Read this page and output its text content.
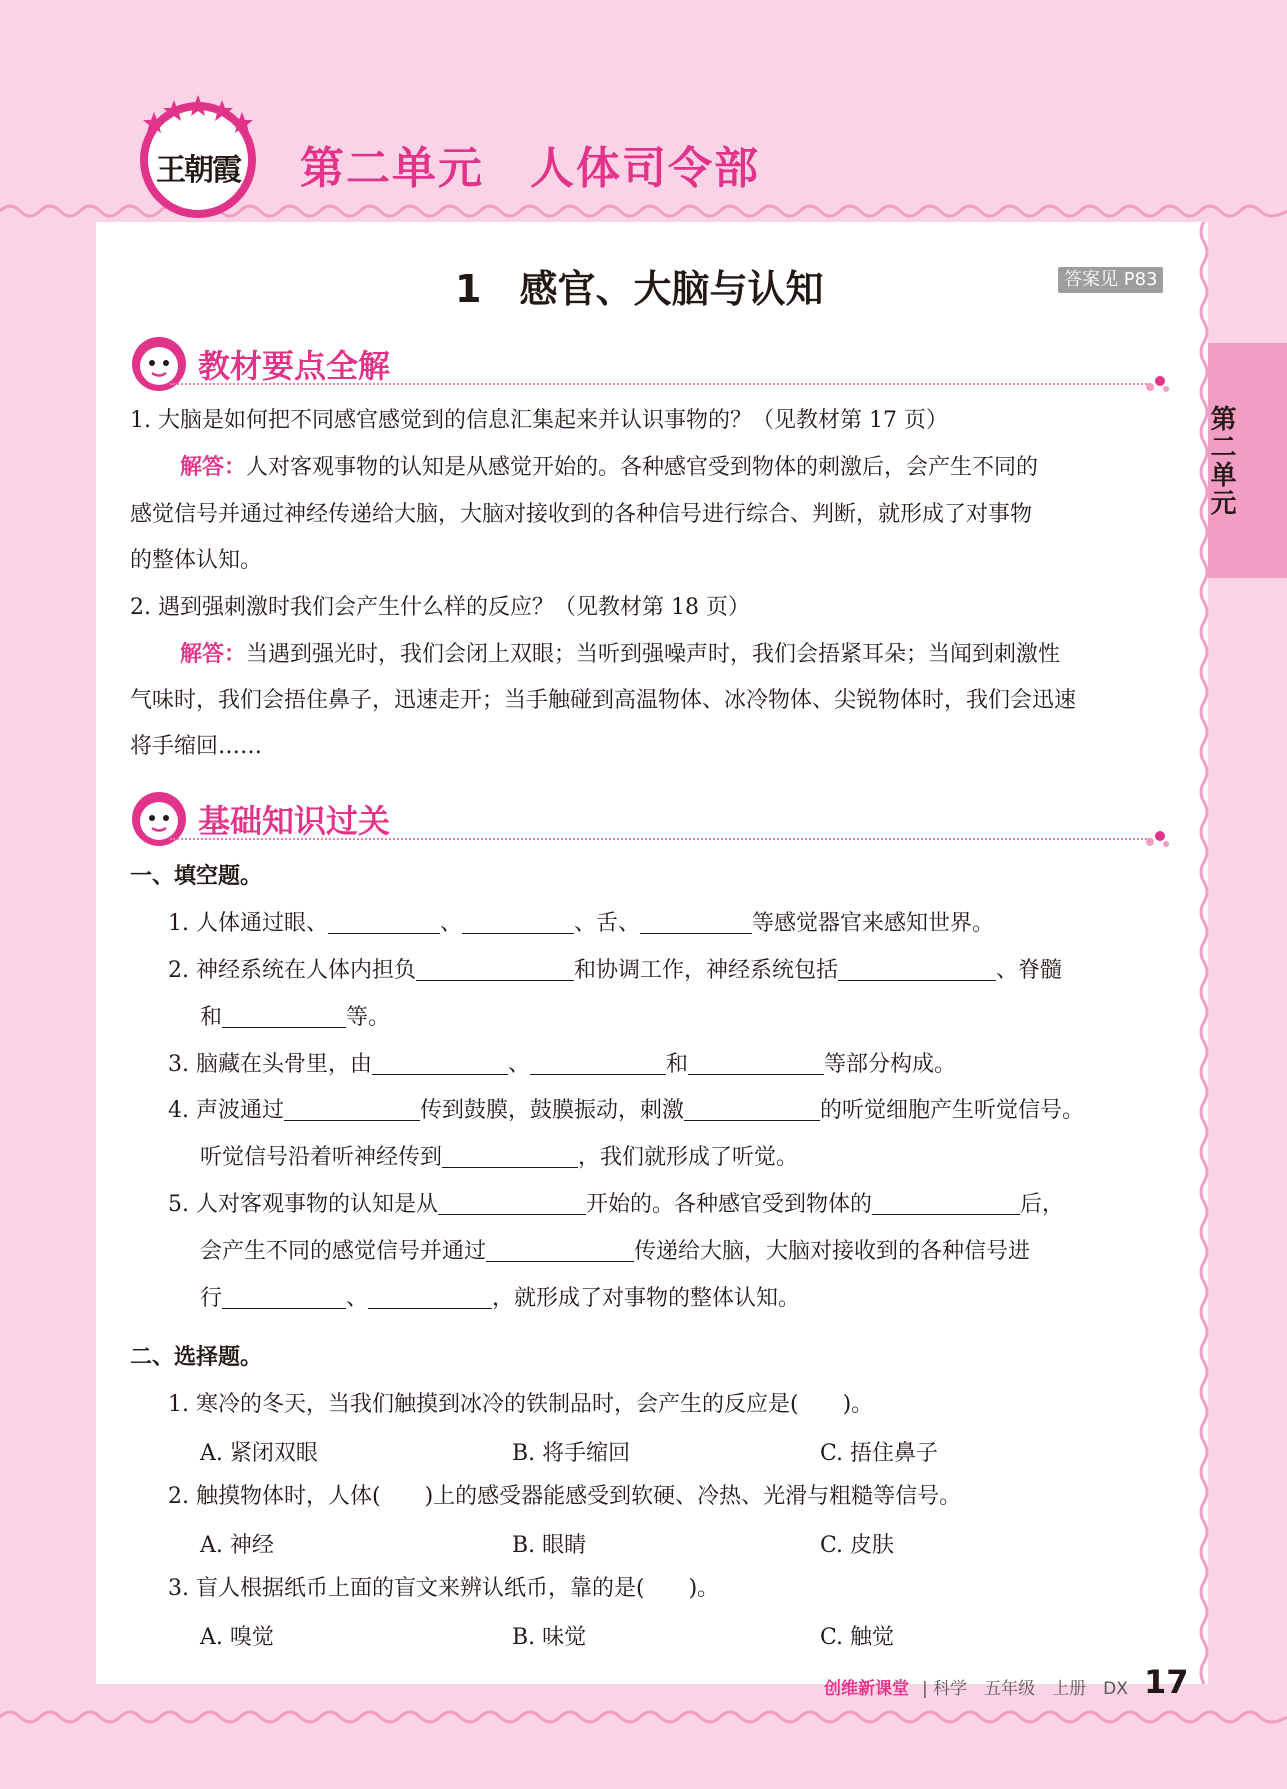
王朝霞 第二单元　人体司令部
第二单元
1　感官、大脑与认知	答案见 P83
教材要点全解
1. 大脑是如何把不同感官感觉到的信息汇集起来并认识事物的？（见教材第 17 页）
解答：人对客观事物的认知是从感觉开始的。各种感官受到物体的刺激后，会产生不同的
感觉信号并通过神经传递给大脑，大脑对接收到的各种信号进行综合、判断，就形成了对事物
的整体认知。
2. 遇到强刺激时我们会产生什么样的反应？（见教材第 18 页）
解答：当遇到强光时，我们会闭上双眼；当听到强噪声时，我们会捂紧耳朵；当闻到刺激性
气味时，我们会捂住鼻子，迅速走开；当手触碰到高温物体、冰冷物体、尖锐物体时，我们会迅速
将手缩回……
基础知识过关
一、填空题。
1. 人体通过眼、	、	、舌、	等感觉器官来感知世界。
2. 神经系统在人体内担负	和协调工作，神经系统包括	、脊髓
和	等。
3. 脑藏在头骨里，由	、	和	等部分构成。
4. 声波通过	传到鼓膜，鼓膜振动，刺激	的听觉细胞产生听觉信号。
听觉信号沿着听神经传到	，我们就形成了听觉。
5. 人对客观事物的认知是从	开始的。各种感官受到物体的	后，
会产生不同的感觉信号并通过	传递给大脑，大脑对接收到的各种信号进
行	、	，就形成了对事物的整体认知。
二、选择题。
1. 寒冷的冬天，当我们触摸到冰冷的铁制品时，会产生的反应是(　　)。
A. 紧闭双眼	B. 将手缩回	C. 捂住鼻子
2. 触摸物体时，人体(　　)上的感受器能感受到软硬、冷热、光滑与粗糙等信号。
A. 神经	B. 眼睛	C. 皮肤
3. 盲人根据纸币上面的盲文来辨认纸币，靠的是(　　)。
A. 嗅觉	B. 味觉	C. 触觉
创维新课堂 | 科学　五年级　上册　DX 17
